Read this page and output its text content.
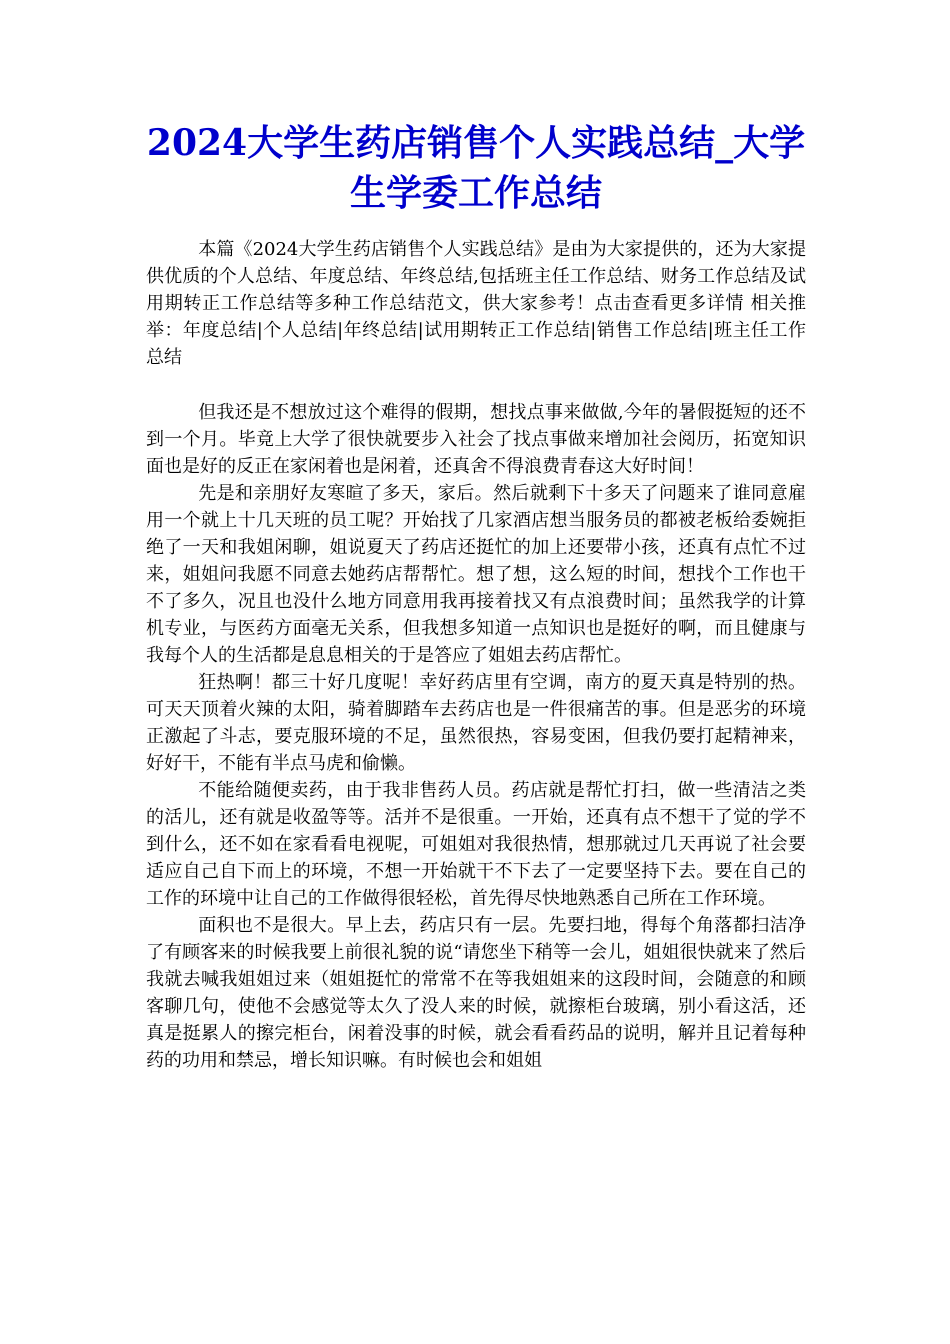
2024大学生药店销售个人实践总结_大学生学委工作总结

本篇《2024大学生药店销售个人实践总结》是由为大家提供的，还为大家提供优质的个人总结、年度总结、年终总结,包括班主任工作总结、财务工作总结及试用期转正工作总结等多种工作总结范文，供大家参考！点击查看更多详情 相关推举：年度总结|个人总结|年终总结|试用期转正工作总结|销售工作总结|班主任工作总结

但我还是不想放过这个难得的假期，想找点事来做做,今年的暑假挺短的还不到一个月。毕竟上大学了很快就要步入社会了找点事做来增加社会阅历，拓宽知识面也是好的反正在家闲着也是闲着，还真舍不得浪费青春这大好时间！

先是和亲朋好友寒暄了多天，家后。然后就剩下十多天了问题来了谁同意雇用一个就上十几天班的员工呢？开始找了几家酒店想当服务员的都被老板给委婉拒绝了一天和我姐闲聊，姐说夏天了药店还挺忙的加上还要带小孩，还真有点忙不过来，姐姐问我愿不同意去她药店帮帮忙。想了想，这么短的时间，想找个工作也干不了多久，况且也没什么地方同意用我再接着找又有点浪费时间；虽然我学的计算机专业，与医药方面毫无关系，但我想多知道一点知识也是挺好的啊，而且健康与我每个人的生活都是息息相关的于是答应了姐姐去药店帮忙。

狂热啊！都三十好几度呢！幸好药店里有空调，南方的夏天真是特别的热。可天天顶着火辣的太阳，骑着脚踏车去药店也是一件很痛苦的事。但是恶劣的环境正激起了斗志，要克服环境的不足，虽然很热，容易变困，但我仍要打起精神来，好好干，不能有半点马虎和偷懒。

不能给随便卖药，由于我非售药人员。药店就是帮忙打扫，做一些清洁之类的活儿，还有就是收盈等等。活并不是很重。一开始，还真有点不想干了觉的学不到什么，还不如在家看看电视呢，可姐姐对我很热情，想那就过几天再说了社会要适应自己自下而上的环境，不想一开始就干不下去了一定要坚持下去。要在自己的工作的环境中让自己的工作做得很轻松，首先得尽快地熟悉自己所在工作环境。

面积也不是很大。早上去，药店只有一层。先要扫地，得每个角落都扫洁净了有顾客来的时候我要上前很礼貌的说“请您坐下稍等一会儿，姐姐很快就来了然后我就去喊我姐姐过来（姐姐挺忙的常常不在等我姐姐来的这段时间，会随意的和顾客聊几句，使他不会感觉等太久了没人来的时候，就擦柜台玻璃，别小看这活，还真是挺累人的擦完柜台，闲着没事的时候，就会看看药品的说明，解并且记着每种药的功用和禁忌，增长知识嘛。有时候也会和姐姐
